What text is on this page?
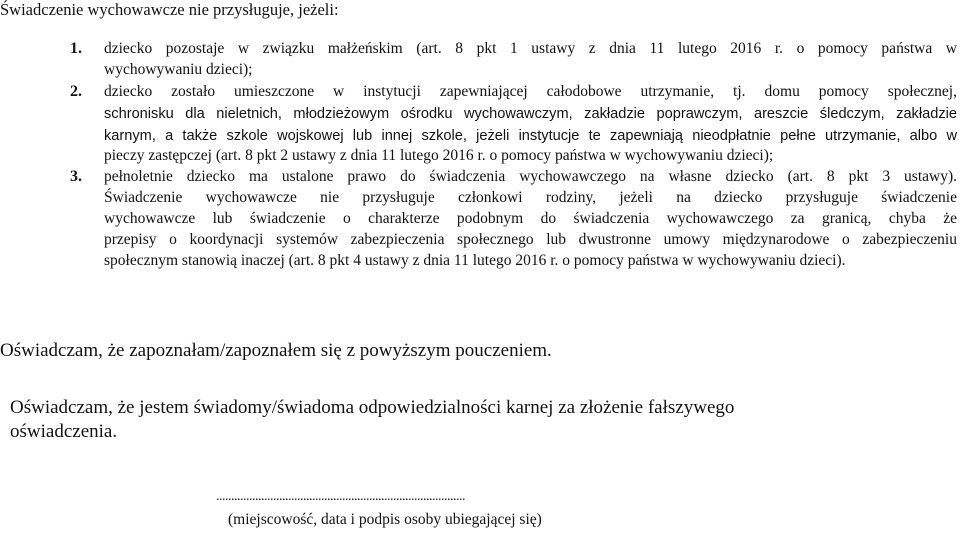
Świadczenie wychowawcze nie przysługuje, jeżeli:
1. dziecko pozostaje w związku małżeńskim (art. 8 pkt 1 ustawy z dnia 11 lutego 2016 r. o pomocy państwa w
wychowywaniu dzieci);
2. dziecko zostało umieszczone w instytucji zapewniającej całodobowe utrzymanie, tj. domu pomocy społecznej,
schronisku dla nieletnich, młodzieżowym ośrodku wychowawczym, zakładzie poprawczym, areszcie śledczym, zakładzie
karnym, a także szkole wojskowej lub innej szkole, jeżeli instytucje te zapewniają nieodpłatnie pełne utrzymanie, albo w
pieczy zastępczej (art. 8 pkt 2 ustawy z dnia 11 lutego 2016 r. o pomocy państwa w wychowywaniu dzieci);
3. pełnoletnie dziecko ma ustalone prawo do świadczenia wychowawczego na własne dziecko (art. 8 pkt 3 ustawy).
Świadczenie wychowawcze nie przysługuje członkowi rodziny, jeżeli na dziecko przysługuje świadczenie
wychowawcze lub świadczenie o charakterze podobnym do świadczenia wychowawczego za granicą, chyba że
przepisy o koordynacji systemów zabezpieczenia społecznego lub dwustronne umowy międzynarodowe o zabezpieczeniu
społecznym stanowią inaczej (art. 8 pkt 4 ustawy z dnia 11 lutego 2016 r. o pomocy państwa w wychowywaniu dzieci).
Oświadczam, że zapoznałam/zapoznałem się z powyższym pouczeniem.
Oświadczam, że jestem świadomy/świadoma odpowiedzialności karnej za złożenie fałszywego
oświadczenia.
...................................................................................
(miejscowość, data i podpis osoby ubiegającej się)
